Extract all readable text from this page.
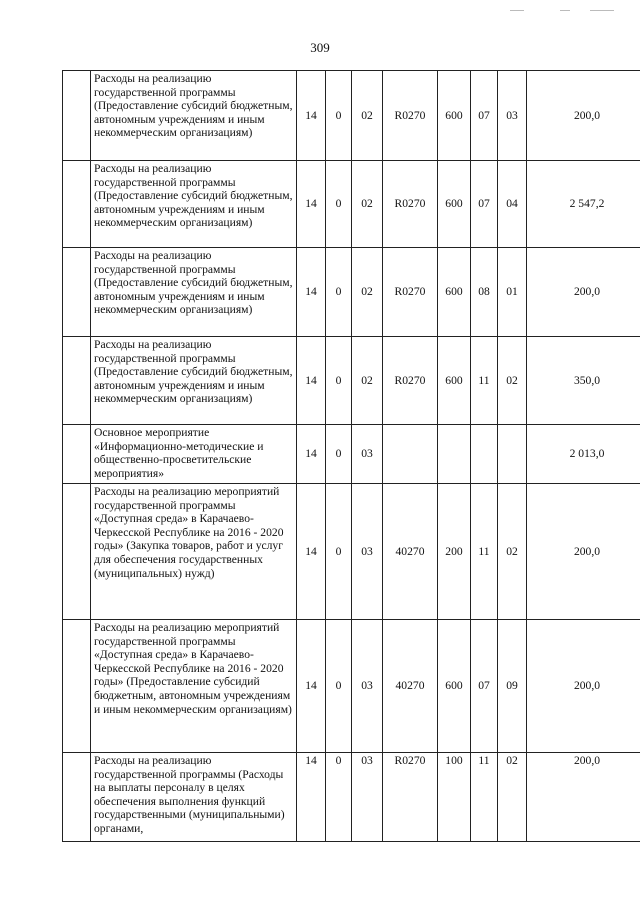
309
	Расходы на реализацию государственной программы (Предоставление субсидий бюджетным, автономным учреждениям и иным некоммерческим организациям)	14	0	02	R0270	600	07	03	200,0
	Расходы на реализацию государственной программы (Предоставление субсидий бюджетным, автономным учреждениям и иным некоммерческим организациям)	14	0	02	R0270	600	07	04	2 547,2
	Расходы на реализацию государственной программы (Предоставление субсидий бюджетным, автономным учреждениям и иным некоммерческим организациям)	14	0	02	R0270	600	08	01	200,0
	Расходы на реализацию государственной программы (Предоставление субсидий бюджетным, автономным учреждениям и иным некоммерческим организациям)	14	0	02	R0270	600	11	02	350,0
	Основное мероприятие «Информационно-методические и общественно-просветительские мероприятия»	14	0	03					2 013,0
	Расходы на реализацию мероприятий государственной программы «Доступная среда» в Карачаево-Черкесской Республике на 2016 - 2020 годы» (Закупка товаров, работ и услуг для обеспечения государственных (муниципальных) нужд)	14	0	03	40270	200	11	02	200,0
	Расходы на реализацию мероприятий государственной программы «Доступная среда» в Карачаево-Черкесской Республике на 2016 - 2020 годы» (Предоставление субсидий бюджетным, автономным учреждениям и иным некоммерческим организациям)	14	0	03	40270	600	07	09	200,0
	Расходы на реализацию государственной программы (Расходы на выплаты персоналу в целях обеспечения выполнения функций государственными (муниципальными) органами,	14	0	03	R0270	100	11	02	200,0
